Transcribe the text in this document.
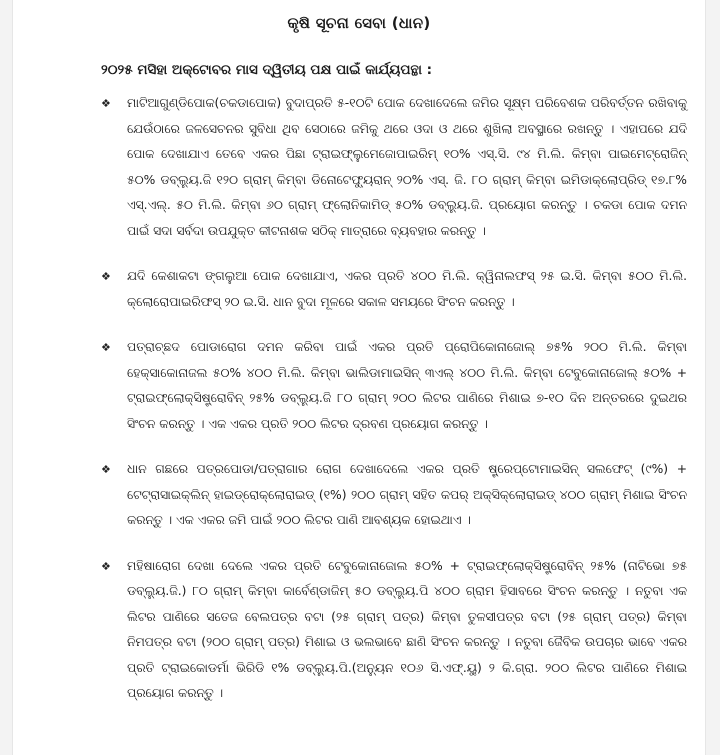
କୃଷି ସୂଚନା ସେବା (ଧାନ)
୨୦୨୫ ମସିହା ଅକ୍ଟୋବର ମାସ ଦ୍ୱିତୀୟ ପକ୍ଷ ପାଇଁ କାର୍ଯ୍ୟପନ୍ଥା :
❖ ମାଟିଆଗୁଣ୍ଡିପୋକ(ଚକଡାପୋକ) ବୁଦାପ୍ରତି ୫-୧୦ଟି ପୋକ ଦେଖାଦେଲେ ଜମିର ସୂକ୍ଷ୍ମ ପରିବେଶକ ପରିବର୍ତ୍ତନ ରଖିବାକୁ ଯେଉଁଠାରେ ଜଳସେଚନର ସୁବିଧା ଥିବ ସେଠାରେ ଜମିକୁ ଥରେ ଓଦା ଓ ଥରେ ଶୁଖିଲା ଅବସ୍ଥାରେ ରଖନ୍ତୁ । ଏହାପରେ ଯଦି ପୋକ ଦେଖାଯାଏ ତେବେ ଏକର ପିଛା ଟ୍ରାଇଫ୍ଲୁମେଜୋପାଇରିମ୍ ୧୦% ଏସ୍.ସି. ୯୪ ମି.ଲି. କିମ୍ବା ପାଇମେଟ୍ରୋଜିନ୍ ୫୦% ଡବ୍ଲ୍ୟୁ.ଜି ୧୨୦ ଗ୍ରାମ୍ କିମ୍ବା ଡିନୋଟେଫ୍ୟୁରାନ୍ ୨୦% ଏସ୍. ଜି. ୮୦ ଗ୍ରାମ୍ କିମ୍ବା ଇମିଡାକ୍ଲୋପ୍ରିଡ୍ ୧୭.୮% ଏସ୍.ଏଲ୍. ୫୦ ମି.ଲି. କିମ୍ବା ୬୦ ଗ୍ରାମ୍ ଫ୍ଲୋନିକାମିଡ୍ ୫୦% ଡବ୍ଲ୍ୟୁ.ଜି. ପ୍ରୟୋଗ କରନ୍ତୁ । ଚକଡା ପୋକ ଦମନ ପାଇଁ ସଦା ସର୍ବଦା ଉପଯୁକ୍ତ କୀଟନାଶକ ସଠିକ୍ ମାତ୍ରାରେ ବ୍ୟବହାର କରନ୍ତୁ ।
❖ ଯଦି କେଶାକଟା ଙ୍ଗଲୁଆ ପୋକ ଦେଖାଯାଏ, ଏକର ପ୍ରତି ୪୦୦ ମି.ଲି. କ୍ୱିନାଲଫସ୍ ୨୫ ଇ.ସି. କିମ୍ବା ୫୦୦ ମି.ଲି. କ୍ଲୋରୋପାଇରିଫସ୍ ୨୦ ଇ.ସି. ଧାନ ବୁଦା ମୂଳରେ ସକାଳ ସମୟରେ ସିଂଚନ କରନ୍ତୁ ।
❖ ପତ୍ରାଚ୍ଛଦ ପୋଡାରୋଗ ଦମନ କରିବା ପାଇଁ ଏକର ପ୍ରତି ପ୍ରୋପିକୋନାଜୋଲ୍ ୭୫% ୨୦୦ ମି.ଲି. କିମ୍ବା ହେକ୍ସାକୋନାଜଲ ୫୦% ୪୦୦ ମି.ଲି. କିମ୍ବା ଭାଲିଡାମାଇସିନ୍ ୩ଏଲ୍ ୪୦୦ ମି.ଲି. କିମ୍ବା ଟେବୁକୋନାଜୋଲ୍ ୫୦% + ଟ୍ରାଇଫ୍ଲୋକ୍ସିଷ୍ଟ୍ରୋବିନ୍ ୨୫% ଡବ୍ଲ୍ୟୁ.ଜି ୮୦ ଗ୍ରାମ୍ ୨୦୦ ଲିଟର ପାଣିରେ ମିଶାଇ ୭-୧୦ ଦିନ ଅନ୍ତରରେ ଦୁଇଥର ସିଂଚନ କରନ୍ତୁ । ଏକ ଏକର ପ୍ରତି ୨୦୦ ଲିଟର ଦ୍ରବଣ ପ୍ରୟୋଗ କରନ୍ତୁ ।
❖ ଧାନ ଗଛରେ ପତ୍ରପୋଡା/ପତ୍ରାଗାର ରୋଗ ଦେଖାଦେଲେ ଏକର ପ୍ରତି ଷ୍ଟ୍ରେପ୍ଟୋମାଇସିନ୍ ସଲଫେଟ୍ (୯%) + ଟେଟ୍ରାସାଇକ୍ଲିନ୍ ହାଇଡ୍ରୋକ୍ଲୋରାଇଡ୍ (୧%) ୨୦୦ ଗ୍ରାମ୍ ସହିତ କପର୍ ଅକ୍ସିକ୍ଲୋରାଇଡ୍ ୪୦୦ ଗ୍ରାମ୍ ମିଶାଇ ସିଂଚନ କରନ୍ତୁ । ଏକ ଏକର ଜମି ପାଇଁ ୨୦୦ ଲିଟର ପାଣି ଆବଶ୍ୟକ ହୋଇଥାଏ ।
❖ ମହିଷାରୋଗ ଦେଖା ଦେଲେ ଏକର ପ୍ରତି ଟେବୁକୋନାଜୋଲ ୫୦% + ଟ୍ରାଇଫ୍ଲୋକ୍ସିଷ୍ଟ୍ରୋବିନ୍ ୨୫% (ନାଟିଭୋ ୭୫ ଡବ୍ଲ୍ୟୁ.ଜି.) ୮୦ ଗ୍ରାମ୍ କିମ୍ବା କାର୍ବେଣ୍ଡାଜିମ୍ ୫୦ ଡବ୍ଲ୍ୟୁ.ପି ୪୦୦ ଗ୍ରାମ ହିସାବରେ ସିଂଚନ କରନ୍ତୁ । ନତୁବା ଏକ ଲିଟର ପାଣିରେ ସତେଜ ବେଲପତ୍ର ବଟା (୨୫ ଗ୍ରାମ୍ ପତ୍ର) କିମ୍ବା ତୁଳସୀପତ୍ର ବଟା (୨୫ ଗ୍ରାମ୍ ପତ୍ର) କିମ୍ବା ନିମପତ୍ର ବଟା (୨୦୦ ଗ୍ରାମ୍ ପତ୍ର) ମିଶାଇ ଓ ଭଲଭାବେ ଛାଣି ସିଂଚନ କରନ୍ତୁ । ନତୁବା ଜୈବିକ ଉପଚାର ଭାବେ ଏକର ପ୍ରତି ଟ୍ରାଇକୋଡର୍ମା ଭିରିଡି ୧% ଡବ୍ଲ୍ୟୁ.ପି.(ଅନ୍ୟୁନ ୧୦୬ ସି.ଏଫ୍.ୟୁ) ୨ କି.ଗ୍ରା. ୨୦୦ ଲିଟର ପାଣିରେ ମିଶାଇ ପ୍ରୟୋଗ କରନ୍ତୁ ।
